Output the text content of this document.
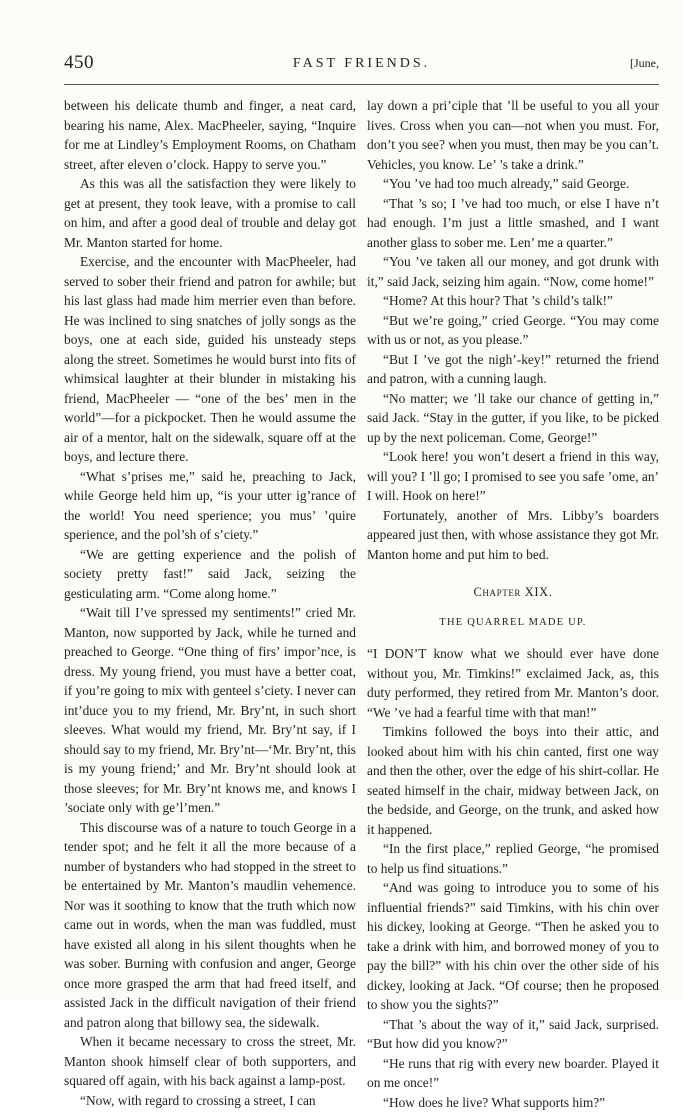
450	FAST FRIENDS.	[June,

between his delicate thumb and finger, a neat card, bearing his name, Alex. MacPheeler, saying, “Inquire for me at Lindley’s Employment Rooms, on Chatham street, after eleven o’clock. Happy to serve you.”

As this was all the satisfaction they were likely to get at present, they took leave, with a promise to call on him, and after a good deal of trouble and delay got Mr. Manton started for home.

Exercise, and the encounter with MacPheeler, had served to sober their friend and patron for awhile; but his last glass had made him merrier even than before. He was inclined to sing snatches of jolly songs as the boys, one at each side, guided his unsteady steps along the street. Sometimes he would burst into fits of whimsical laughter at their blunder in mistaking his friend, MacPheeler — “one of the bes’ men in the world”—for a pickpocket. Then he would assume the air of a mentor, halt on the sidewalk, square off at the boys, and lecture there.

“What s’prises me,” said he, preaching to Jack, while George held him up, “is your utter ig’rance of the world! You need sperience; you mus’ ’quire sperience, and the pol’sh of s’ciety.”

“We are getting experience and the polish of society pretty fast!” said Jack, seizing the gesticulating arm. “Come along home.”

“Wait till I’ve spressed my sentiments!” cried Mr. Manton, now supported by Jack, while he turned and preached to George. “One thing of firs’ impor’nce, is dress. My young friend, you must have a better coat, if you’re going to mix with genteel s’ciety. I never can int’duce you to my friend, Mr. Bry’nt, in such short sleeves. What would my friend, Mr. Bry’nt say, if I should say to my friend, Mr. Bry’nt—‘Mr. Bry’nt, this is my young friend;’ and Mr. Bry’nt should look at those sleeves; for Mr. Bry’nt knows me, and knows I ’sociate only with ge’l’men.”

This discourse was of a nature to touch George in a tender spot; and he felt it all the more because of a number of bystanders who had stopped in the street to be entertained by Mr. Manton’s maudlin vehemence. Nor was it soothing to know that the truth which now came out in words, when the man was fuddled, must have existed all along in his silent thoughts when he was sober. Burning with confusion and anger, George once more grasped the arm that had freed itself, and assisted Jack in the difficult navigation of their friend and patron along that billowy sea, the sidewalk.

When it became necessary to cross the street, Mr. Manton shook himself clear of both supporters, and squared off again, with his back against a lamp-post.

“Now, with regard to crossing a street, I can

lay down a pri’ciple that ’ll be useful to you all your lives. Cross when you can—not when you must. For, don’t you see? when you must, then may be you can’t. Vehicles, you know. Le’ ’s take a drink.”

“You ’ve had too much already,” said George.

“That ’s so; I ’ve had too much, or else I have n’t had enough. I’m just a little smashed, and I want another glass to sober me. Len’ me a quarter.”

“You ’ve taken all our money, and got drunk with it,” said Jack, seizing him again. “Now, come home!”

“Home? At this hour? That ’s child’s talk!”

“But we’re going,” cried George. “You may come with us or not, as you please.”

“But I ’ve got the nigh’-key!” returned the friend and patron, with a cunning laugh.

“No matter; we ’ll take our chance of getting in,” said Jack. “Stay in the gutter, if you like, to be picked up by the next policeman. Come, George!”

“Look here! you won’t desert a friend in this way, will you? I ’ll go; I promised to see you safe ’ome, an’ I will. Hook on here!”

Fortunately, another of Mrs. Libby’s boarders appeared just then, with whose assistance they got Mr. Manton home and put him to bed.

Chapter XIX.
THE QUARREL MADE UP.

“I DON’T know what we should ever have done without you, Mr. Timkins!” exclaimed Jack, as, this duty performed, they retired from Mr. Manton’s door. “We ’ve had a fearful time with that man!”

Timkins followed the boys into their attic, and looked about him with his chin canted, first one way and then the other, over the edge of his shirt-collar. He seated himself in the chair, midway between Jack, on the bedside, and George, on the trunk, and asked how it happened.

“In the first place,” replied George, “he promised to help us find situations.”

“And was going to introduce you to some of his influential friends?” said Timkins, with his chin over his dickey, looking at George. “Then he asked you to take a drink with him, and borrowed money of you to pay the bill?” with his chin over the other side of his dickey, looking at Jack. “Of course; then he proposed to show you the sights?”

“That ’s about the way of it,” said Jack, surprised. “But how did you know?”

“He runs that rig with every new boarder. Played it on me once!”

“How does he live? What supports him?”
